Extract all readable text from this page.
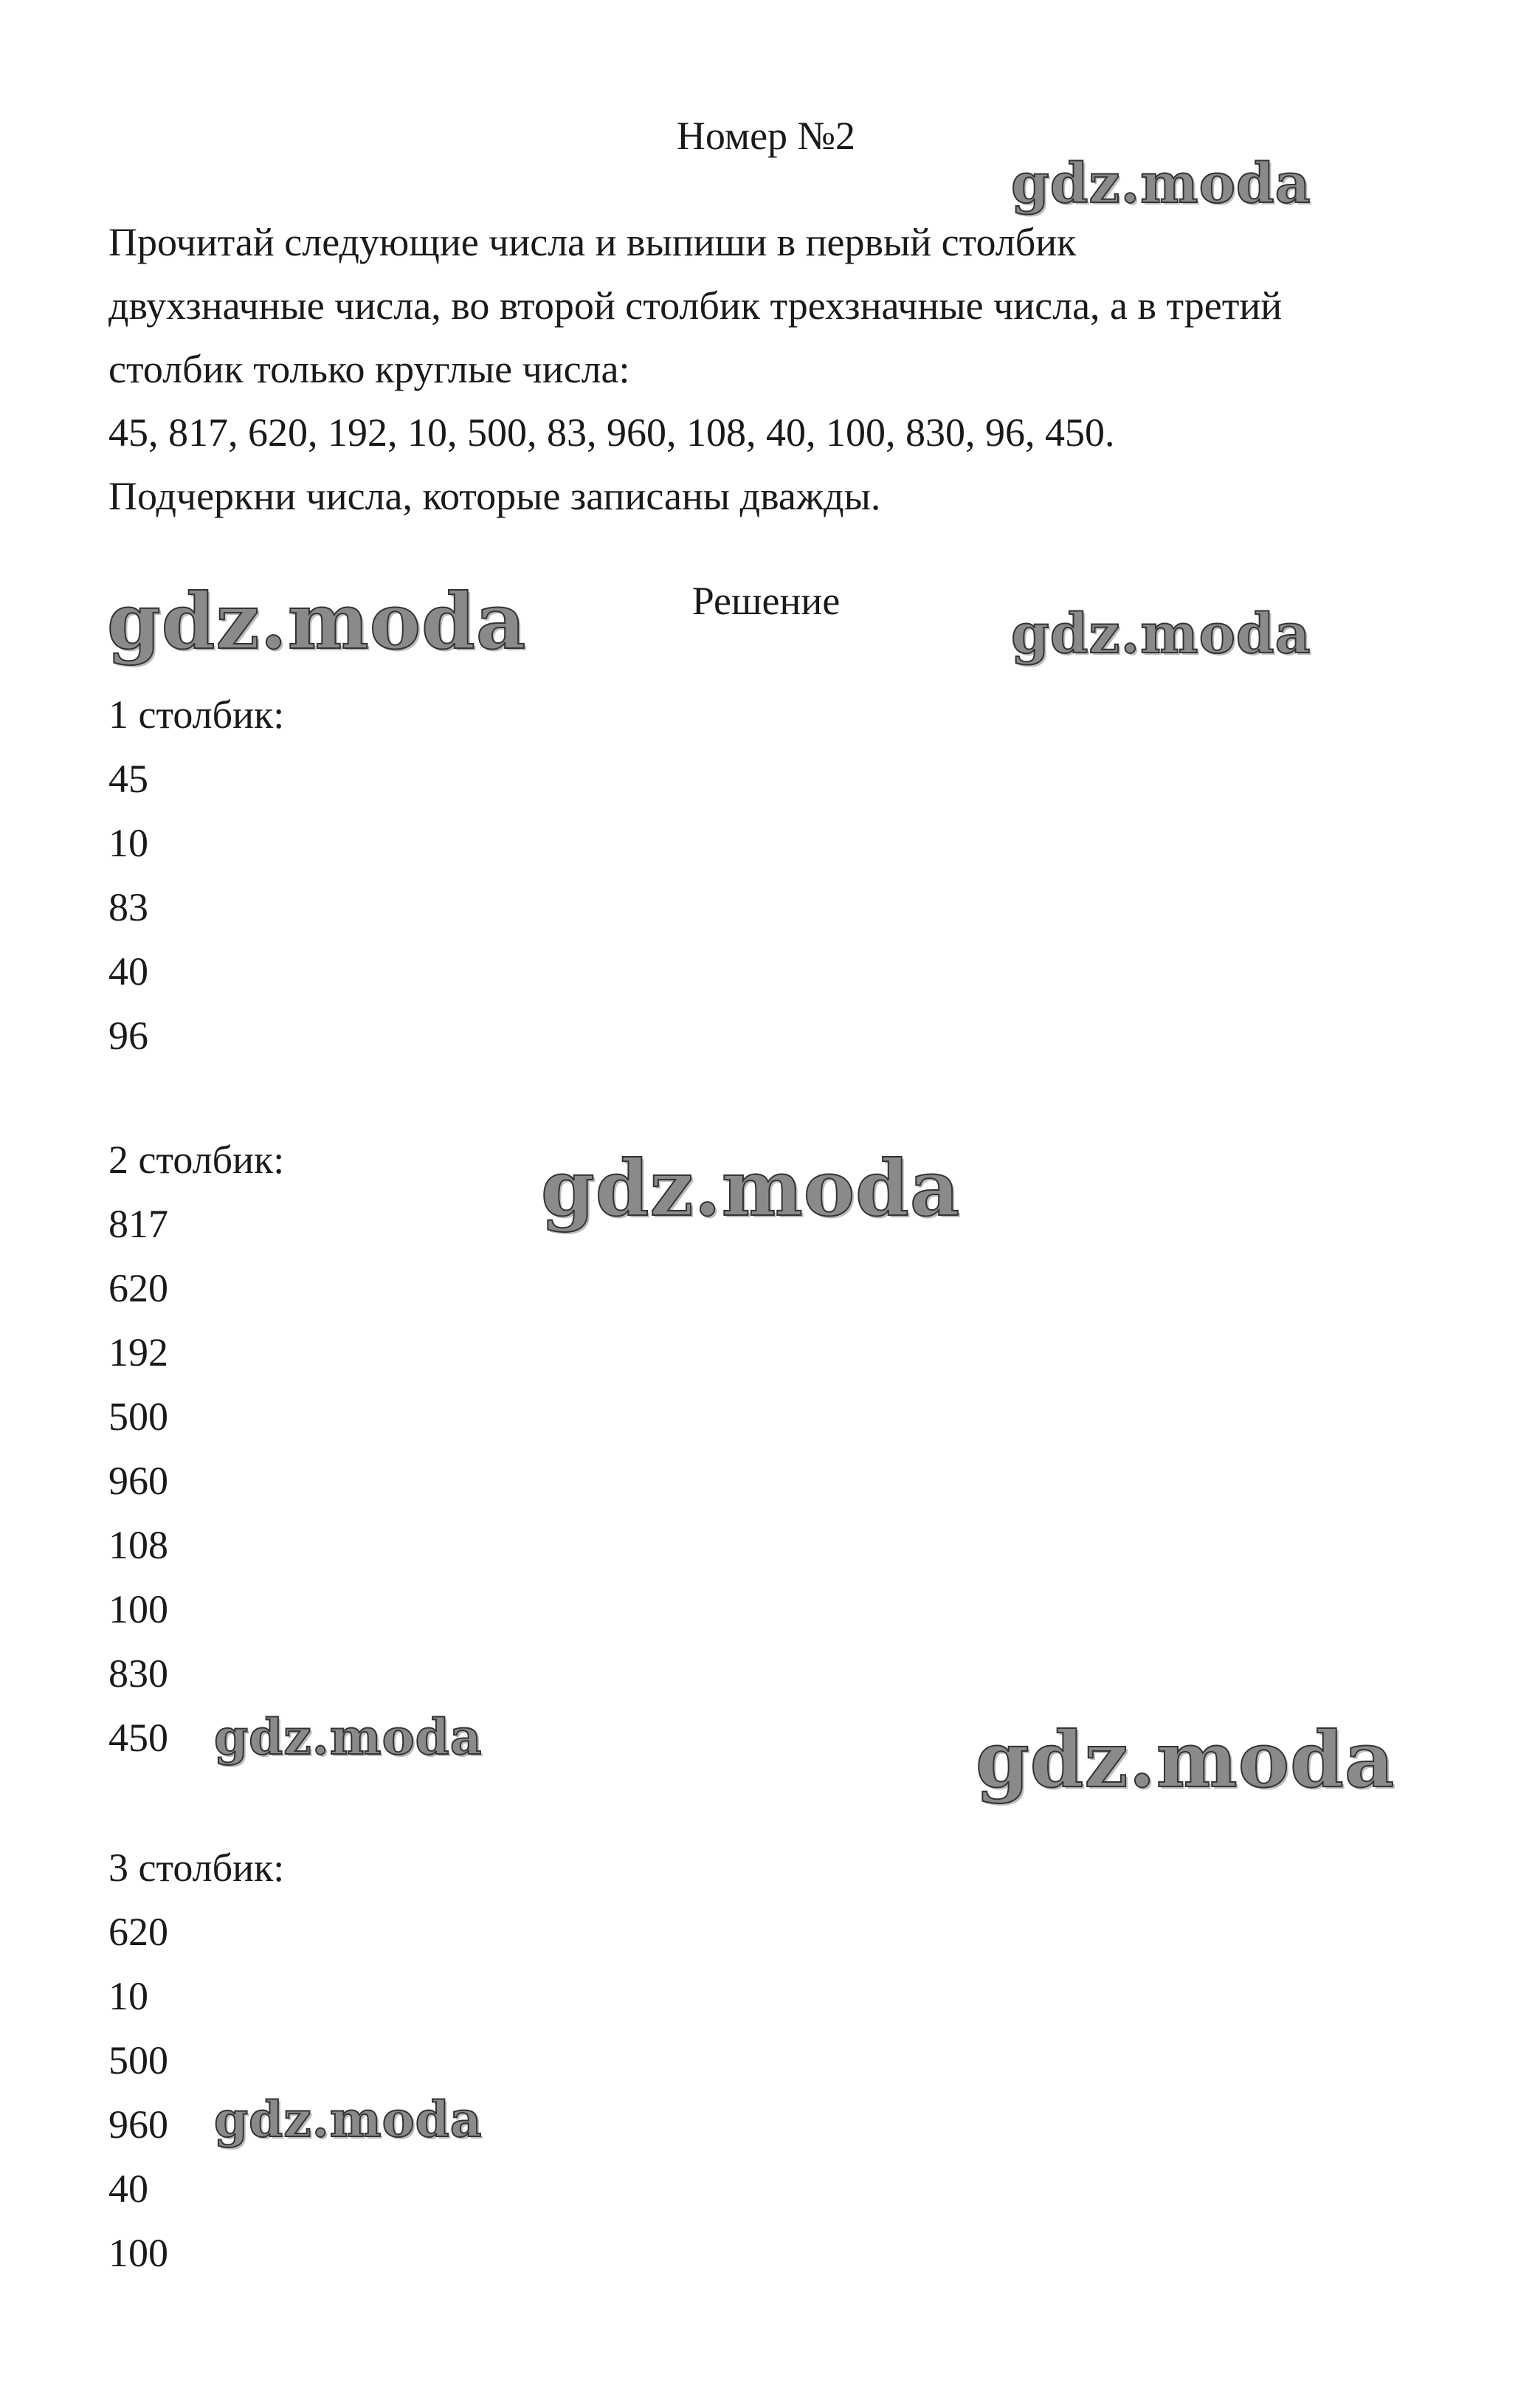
Номер №2
Прочитай следующие числа и выпиши в первый столбик
двухзначные числа, во второй столбик трехзначные числа, а в третий
столбик только круглые числа:
45, 817, 620, 192, 10, 500, 83, 960, 108, 40, 100, 830, 96, 450.
Подчеркни числа, которые записаны дважды.
Решение
1 столбик:
45
10
83
40
96
2 столбик:
817
620
192
500
960
108
100
830
450
3 столбик:
620
10
500
960
40
100
gdz.moda
gdz.moda	gdz.moda
gdz.moda
gdz.moda	gdz.moda
gdz.moda
